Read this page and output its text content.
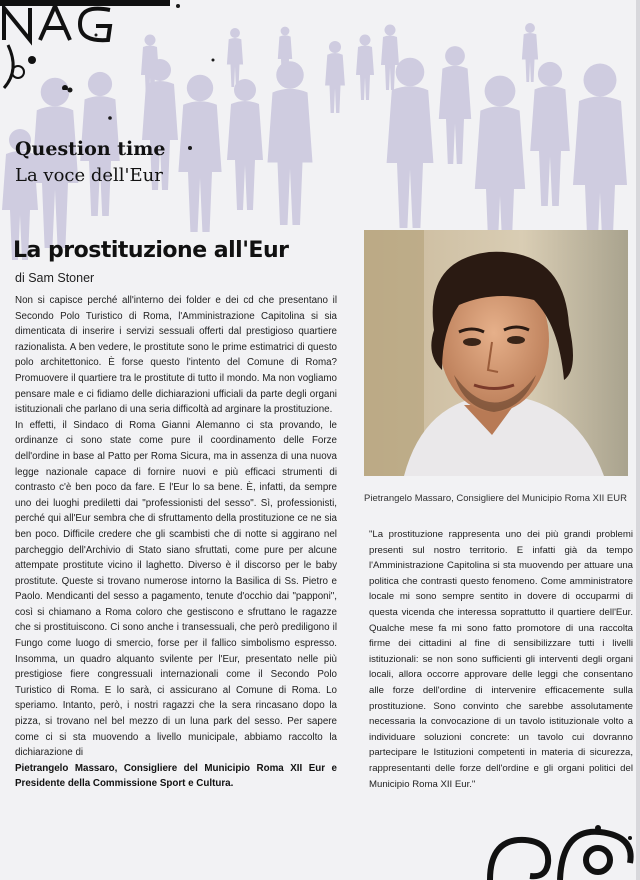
Question time
La voce dell'Eur
La prostituzione all'Eur
di Sam Stoner

Non si capisce perché all'interno dei folder e dei cd che presentano il Secondo Polo Turistico di Roma, l'Amministrazione Capitolina si sia dimenticata di inserire i servizi sessuali offerti dal prestigioso quartiere razionalista. A ben vedere, le prostitute sono le prime estimatrici di questo polo architettonico. È forse questo l'intento del Comune di Roma? Promuovere il quartiere tra le prostitute di tutto il mondo. Ma non vogliamo pensare male e ci fidiamo delle dichiarazioni ufficiali da parte degli organi istituzionali che parlano di una seria difficoltà ad arginare la prostituzione.

In effetti, il Sindaco di Roma Gianni Alemanno ci sta provando, le ordinanze ci sono state come pure il coordinamento delle Forze dell'ordine in base al Patto per Roma Sicura, ma in assenza di una nuova legge nazionale capace di fornire nuovi e più efficaci strumenti di contrasto c'è ben poco da fare. E l'Eur lo sa bene. È, infatti, da sempre uno dei luoghi prediletti dai "professionisti del sesso". Sì, professionisti, perché qui all'Eur sembra che di sfruttamento della prostituzione ce ne sia ben poco. Difficile credere che gli scambisti che di notte si aggirano nel parcheggio dell'Archivio di Stato siano sfruttati, come pure per alcune attempate prostitute vicino il laghetto. Diverso è il discorso per le baby prostitute. Queste si trovano numerose intorno la Basilica di Ss. Pietro e Paolo. Mendicanti del sesso a pagamento, tenute d'occhio dai "papponi", così si chiamano a Roma coloro che gestiscono e sfruttano le ragazze che si prostituiscono. Ci sono anche i transessuali, che però prediligono il Fungo come luogo di smercio, forse per il fallico simbolismo espresso. Insomma, un quadro alquanto svilente per l'Eur, presentato nelle più prestigiose fiere congressuali internazionali come il Secondo Polo Turistico di Roma. E lo sarà, ci assicurano al Comune di Roma. Lo speriamo. Intanto, però, i nostri ragazzi che la sera rincasano dopo la pizza, si trovano nel bel mezzo di un luna park del sesso. Per sapere come ci si sta muovendo a livello municipale, abbiamo raccolto la dichiarazione di

Pietrangelo Massaro, Consigliere del Municipio Roma XII Eur e Presidente della Commissione Sport e Cultura.

Pietrangelo Massaro, Consigliere del Municipio Roma XII EUR
"La prostituzione rappresenta uno dei più grandi problemi presenti sul nostro territorio. E infatti già da tempo l'Amministrazione Capitolina si sta muovendo per attuare una politica che contrasti questo fenomeno. Come amministratore locale mi sono sempre sentito in dovere di occuparmi di questa vicenda che interessa soprattutto il quartiere dell'Eur. Qualche mese fa mi sono fatto promotore di una raccolta firme dei cittadini al fine di sensibilizzare tutti i livelli istituzionali: se non sono sufficienti gli interventi degli organi locali, allora occorre approvare delle leggi che consentano alle forze dell'ordine di intervenire efficacemente sulla prostituzione. Sono convinto che sarebbe assolutamente necessaria la convocazione di un tavolo istituzionale volto a individuare soluzioni concrete: un tavolo cui dovranno partecipare le Istituzioni competenti in materia di sicurezza, rappresentanti delle forze dell'ordine e gli organi politici del Municipio Roma XII Eur."
